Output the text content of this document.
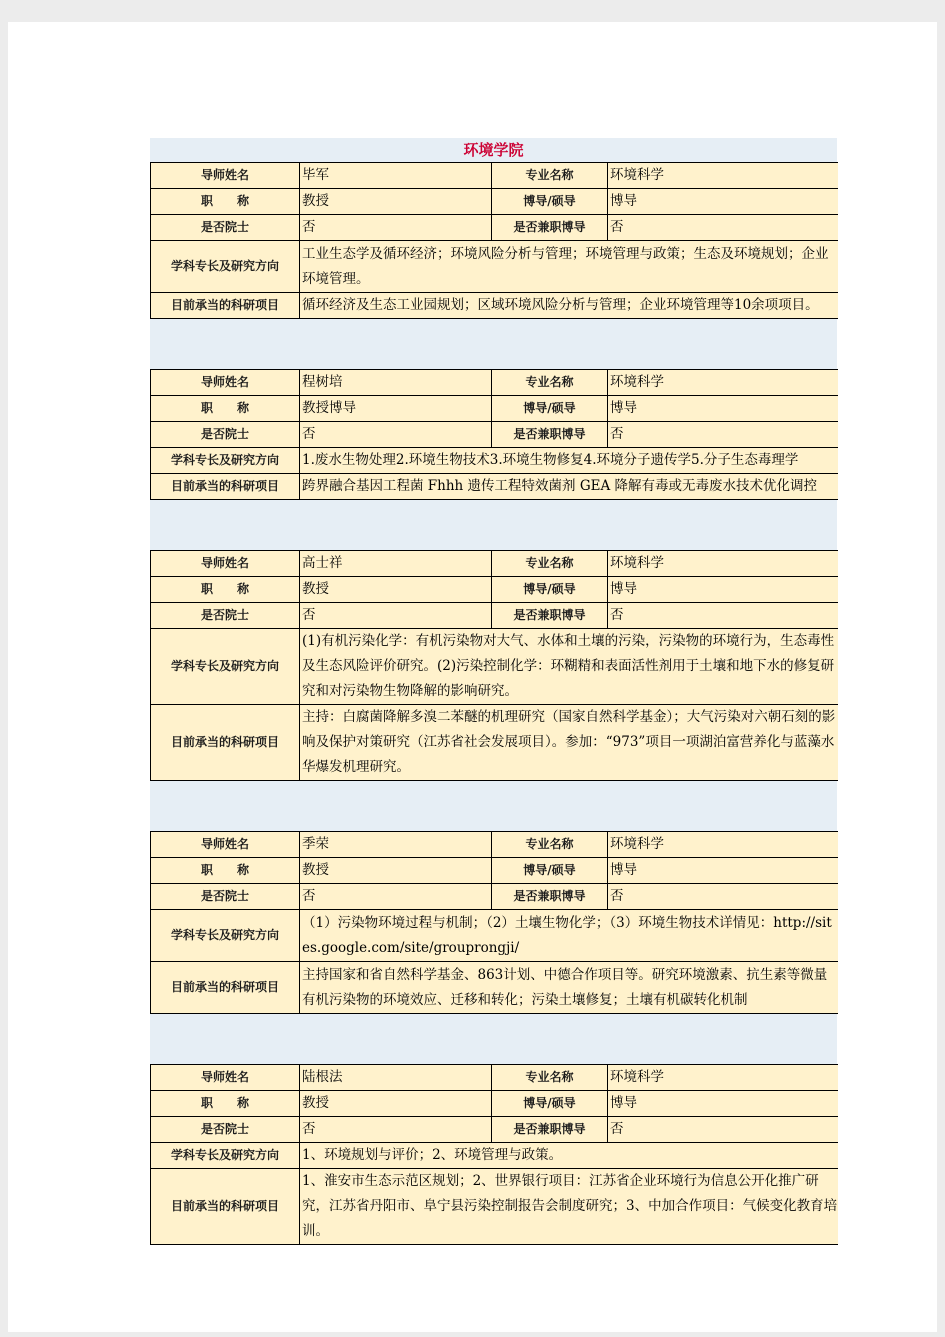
环境学院
导师姓名	毕军	专业名称	环境科学
职　　称	教授	博导/硕导	博导
是否院士	否	是否兼职博导	否
学科专长及研究方向	工业生态学及循环经济；环境风险分析与管理；环境管理与政策；生态及环境规划；企业环境管理。		
目前承当的科研项目	循环经济及生态工业园规划；区域环境风险分析与管理；企业环境管理等10余项项目。		
导师姓名	程树培	专业名称	环境科学
职　　称	教授博导	博导/硕导	博导
是否院士	否	是否兼职博导	否
学科专长及研究方向	1.废水生物处理2.环境生物技术3.环境生物修复4.环境分子遗传学5.分子生态毒理学		
目前承当的科研项目	跨界融合基因工程菌 Fhhh 遗传工程特效菌剂 GEA 降解有毒或无毒废水技术优化调控		
导师姓名	高士祥	专业名称	环境科学
职　　称	教授	博导/硕导	博导
是否院士	否	是否兼职博导	否
学科专长及研究方向	(1)有机污染化学：有机污染物对大气、水体和土壤的污染，污染物的环境行为，生态毒性及生态风险评价研究。(2)污染控制化学：环糊精和表面活性剂用于土壤和地下水的修复研究和对污染物生物降解的影响研究。		
目前承当的科研项目	主持：白腐菌降解多溴二苯醚的机理研究（国家自然科学基金）；大气污染对六朝石刻的影响及保护对策研究（江苏省社会发展项目）。参加：“973”项目一项湖泊富营养化与蓝藻水华爆发机理研究。		
导师姓名	季荣	专业名称	环境科学
职　　称	教授	博导/硕导	博导
是否院士	否	是否兼职博导	否
学科专长及研究方向	（1）污染物环境过程与机制；（2）土壤生物化学；（3）环境生物技术详情见：http://sites.google.com/site/grouprongji/		
目前承当的科研项目	主持国家和省自然科学基金、863计划、中德合作项目等。研究环境激素、抗生素等微量有机污染物的环境效应、迁移和转化；污染土壤修复；土壤有机碳转化机制		
导师姓名	陆根法	专业名称	环境科学
职　　称	教授	博导/硕导	博导
是否院士	否	是否兼职博导	否
学科专长及研究方向	1、环境规划与评价；2、环境管理与政策。		
目前承当的科研项目	1、淮安市生态示范区规划；2、世界银行项目：江苏省企业环境行为信息公开化推广研究，江苏省丹阳市、阜宁县污染控制报告会制度研究；3、中加合作项目：气候变化教育培训。		
